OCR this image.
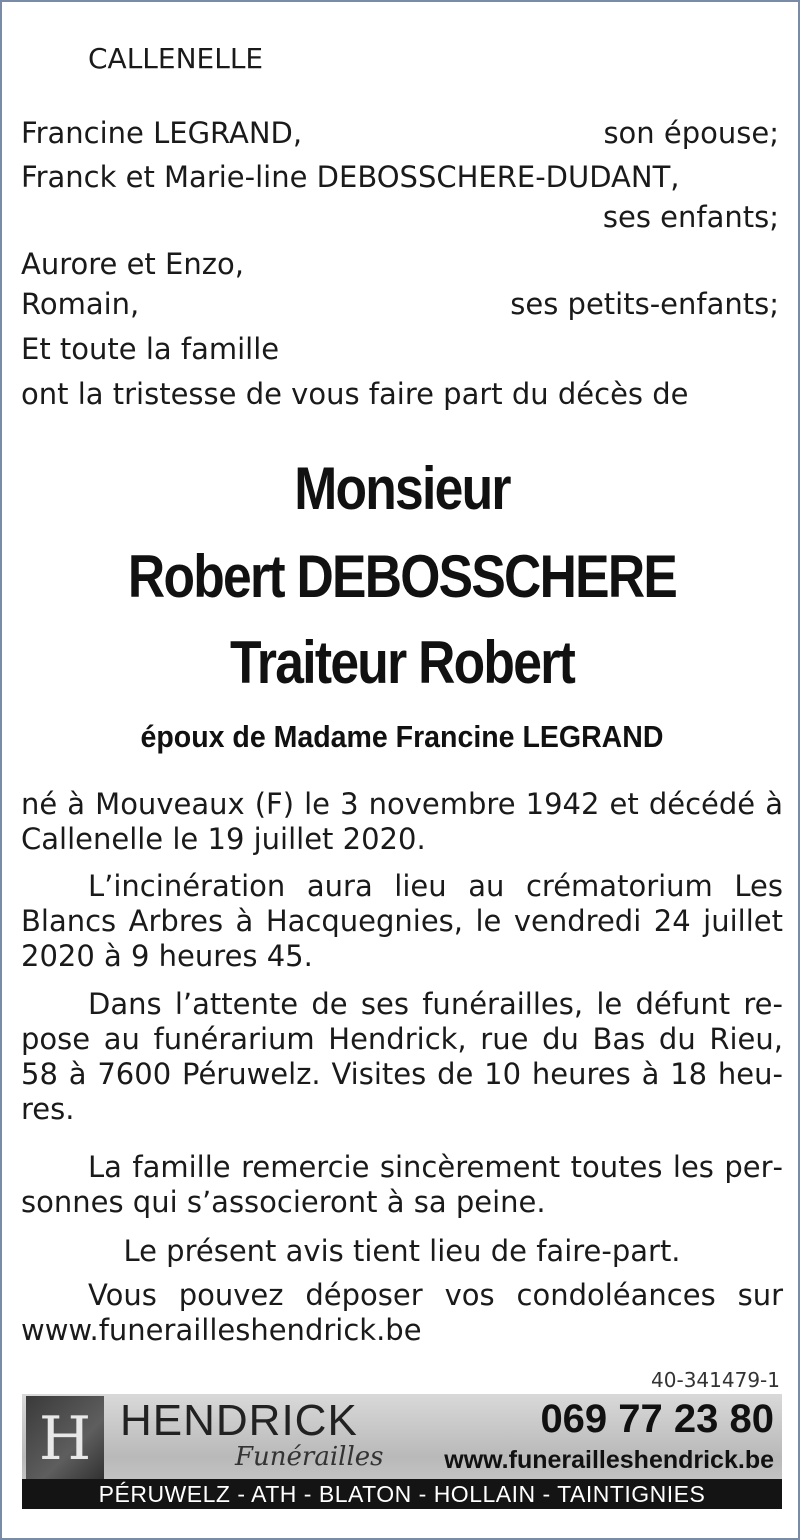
CALLENELLE
Francine LEGRAND,	son épouse;
Franck et Marie-line DEBOSSCHERE-DUDANT,
ses enfants;
Aurore et Enzo,
Romain,	ses petits-enfants;
Et toute la famille
ont la tristesse de vous faire part du décès de
Monsieur
Robert DEBOSSCHERE
Traiteur Robert
époux de Madame Francine LEGRAND
né à Mouveaux (F) le 3 novembre 1942 et décédé à Callenelle le 19 juillet 2020.
L’incinération aura lieu au crématorium Les Blancs Arbres à Hacquegnies, le vendredi 24 juillet 2020 à 9 heures 45.
Dans l’attente de ses funérailles, le défunt repose au funérarium Hendrick, rue du Bas du Rieu, 58 à 7600 Péruwelz. Visites de 10 heures à 18 heures.
La famille remercie sincèrement toutes les personnes qui s’associeront à sa peine.
Le présent avis tient lieu de faire-part.
Vous pouvez déposer vos condoléances sur www.funerailleshendrick.be
40-341479-1
H HENDRICK
Funérailles
069 77 23 80
www.funerailleshendrick.be
PÉRUWELZ - ATH - BLATON - HOLLAIN - TAINTIGNIES
